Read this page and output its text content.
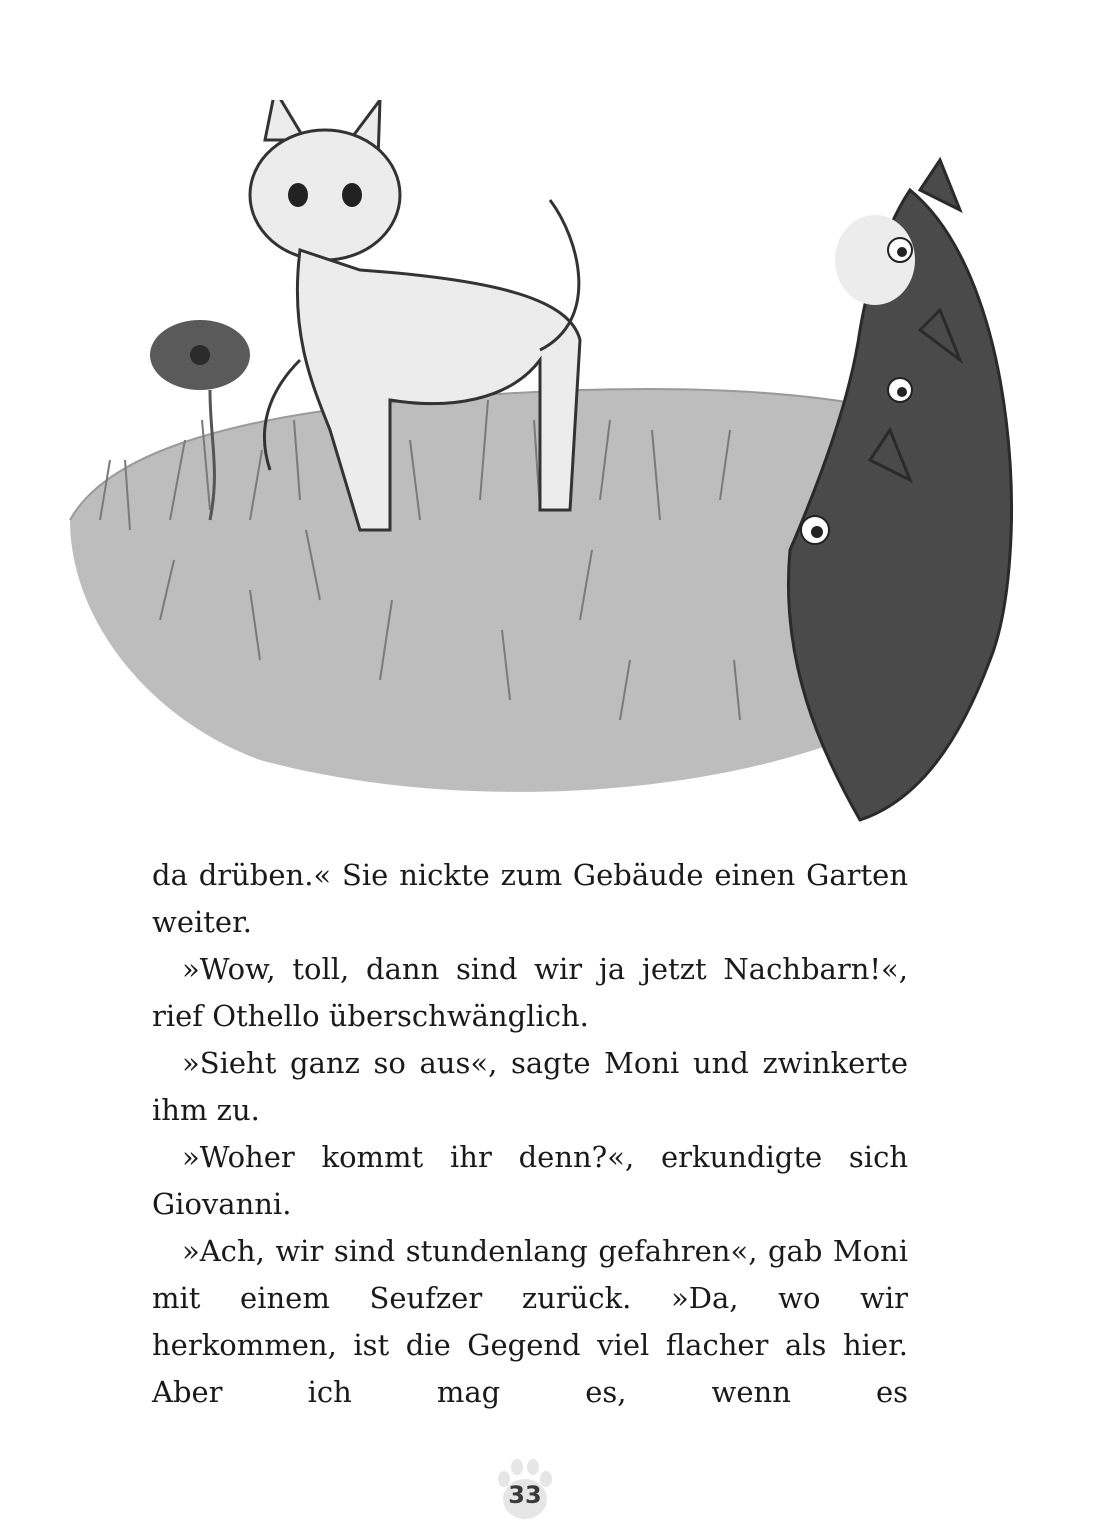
da drüben.« Sie nickte zum Gebäude einen Garten weiter.

»Wow, toll, dann sind wir ja jetzt Nachbarn!«, rief Othello überschwänglich.

»Sieht ganz so aus«, sagte Moni und zwinkerte ihm zu.

»Woher kommt ihr denn?«, erkundigte sich Giovanni.

»Ach, wir sind stundenlang gefahren«, gab Moni mit einem Seufzer zurück. »Da, wo wir herkommen, ist die Gegend viel flacher als hier. Aber ich mag es, wenn es

33
